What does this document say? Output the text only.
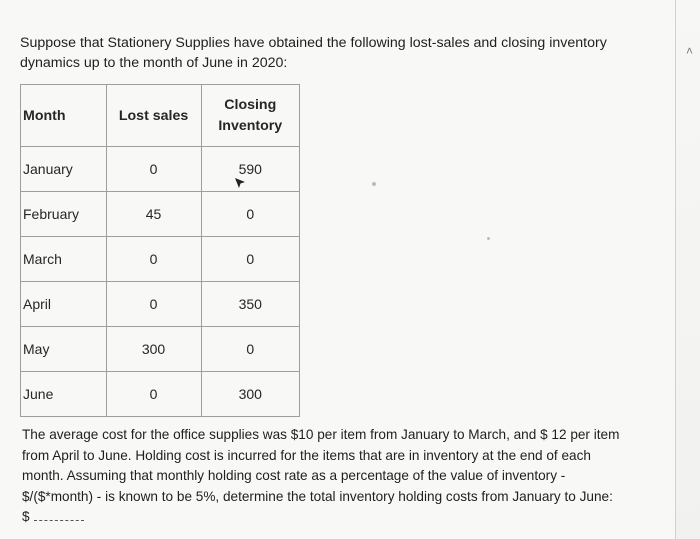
Suppose that Stationery Supplies have obtained the following lost-sales and closing inventory dynamics up to the month of June in 2020:
Month	Lost sales	Closing
Inventory

January	0	590
February	45	0
March	0	0
April	0	350
May	300	0
June	0	300
The average cost for the office supplies was $10 per item from January to March, and $ 12 per item from April to June. Holding cost is incurred for the items that are in inventory at the end of each month. Assuming that monthly holding cost rate as a percentage of the value of inventory - $/($*month) - is known to be 5%, determine the total inventory holding costs from January to June:
$
˄
